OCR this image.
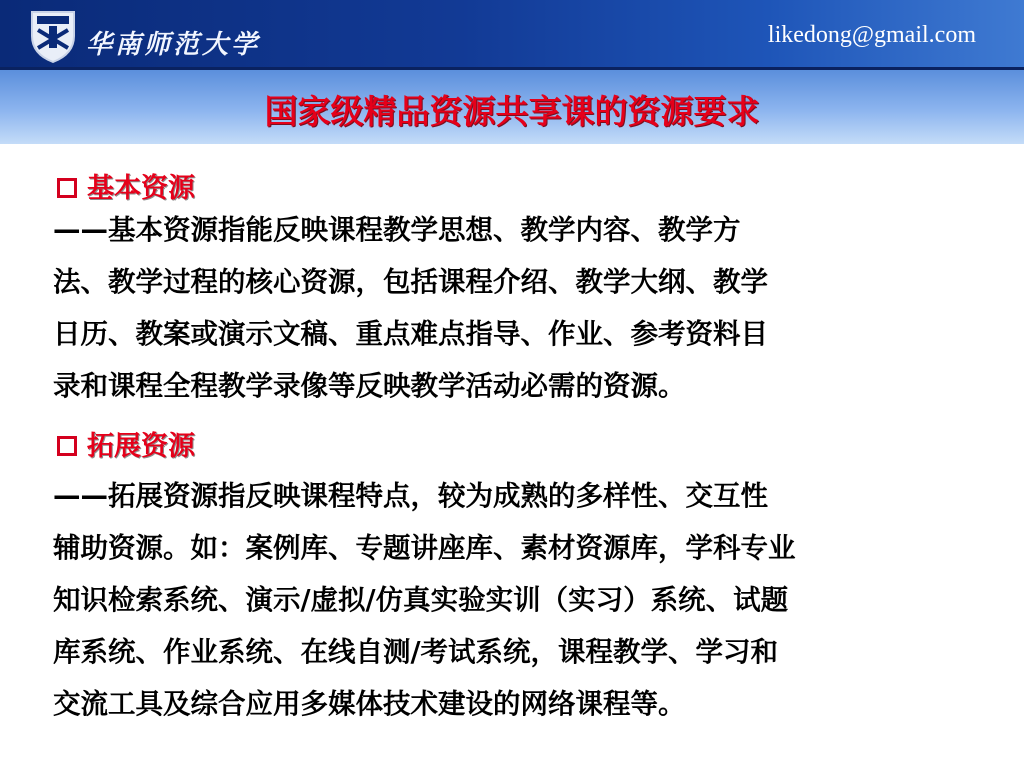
华南师范大学	likedong@gmail.com
国家级精品资源共享课的资源要求
基本资源
——基本资源指能反映课程教学思想、教学内容、教学方
法、教学过程的核心资源，包括课程介绍、教学大纲、教学
日历、教案或演示文稿、重点难点指导、作业、参考资料目
录和课程全程教学录像等反映教学活动必需的资源。
拓展资源
——拓展资源指反映课程特点，较为成熟的多样性、交互性
辅助资源。如：案例库、专题讲座库、素材资源库，学科专业
知识检索系统、演示/虚拟/仿真实验实训（实习）系统、试题
库系统、作业系统、在线自测/考试系统，课程教学、学习和
交流工具及综合应用多媒体技术建设的网络课程等。
